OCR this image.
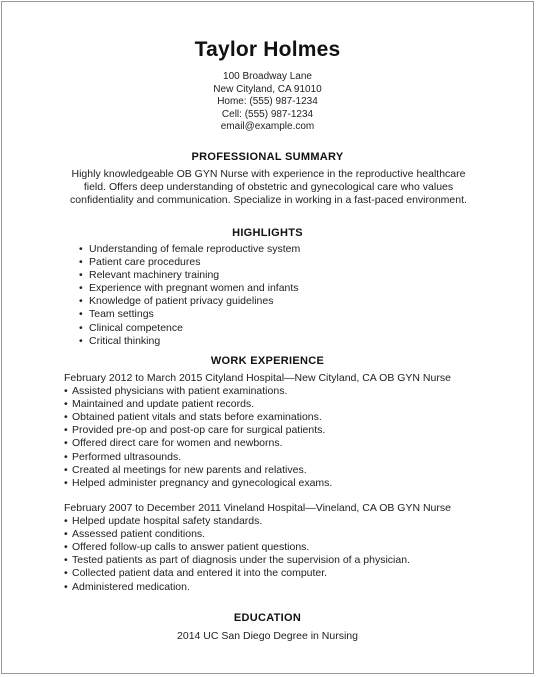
Taylor Holmes
100 Broadway Lane
New Cityland, CA 91010
Home: (555) 987-1234
Cell: (555) 987-1234
email@example.com
PROFESSIONAL SUMMARY
Highly knowledgeable OB GYN Nurse with experience in the reproductive healthcare field. Offers deep understanding of obstetric and gynecological care who values confidentiality and communication. Specialize in working in a fast-paced environment.
HIGHLIGHTS
• Understanding of female reproductive system
• Patient care procedures
• Relevant machinery training
• Experience with pregnant women and infants
• Knowledge of patient privacy guidelines
• Team settings
• Clinical competence
• Critical thinking
WORK EXPERIENCE
February 2012 to March 2015 Cityland Hospital—New Cityland, CA OB GYN Nurse
• Assisted physicians with patient examinations.
• Maintained and update patient records.
• Obtained patient vitals and stats before examinations.
• Provided pre-op and post-op care for surgical patients.
• Offered direct care for women and newborns.
• Performed ultrasounds.
• Created al meetings for new parents and relatives.
• Helped administer pregnancy and gynecological exams.
February 2007 to December 2011 Vineland Hospital—Vineland, CA OB GYN Nurse
• Helped update hospital safety standards.
• Assessed patient conditions.
• Offered follow-up calls to answer patient questions.
• Tested patients as part of diagnosis under the supervision of a physician.
• Collected patient data and entered it into the computer.
• Administered medication.
EDUCATION
2014 UC San Diego Degree in Nursing
